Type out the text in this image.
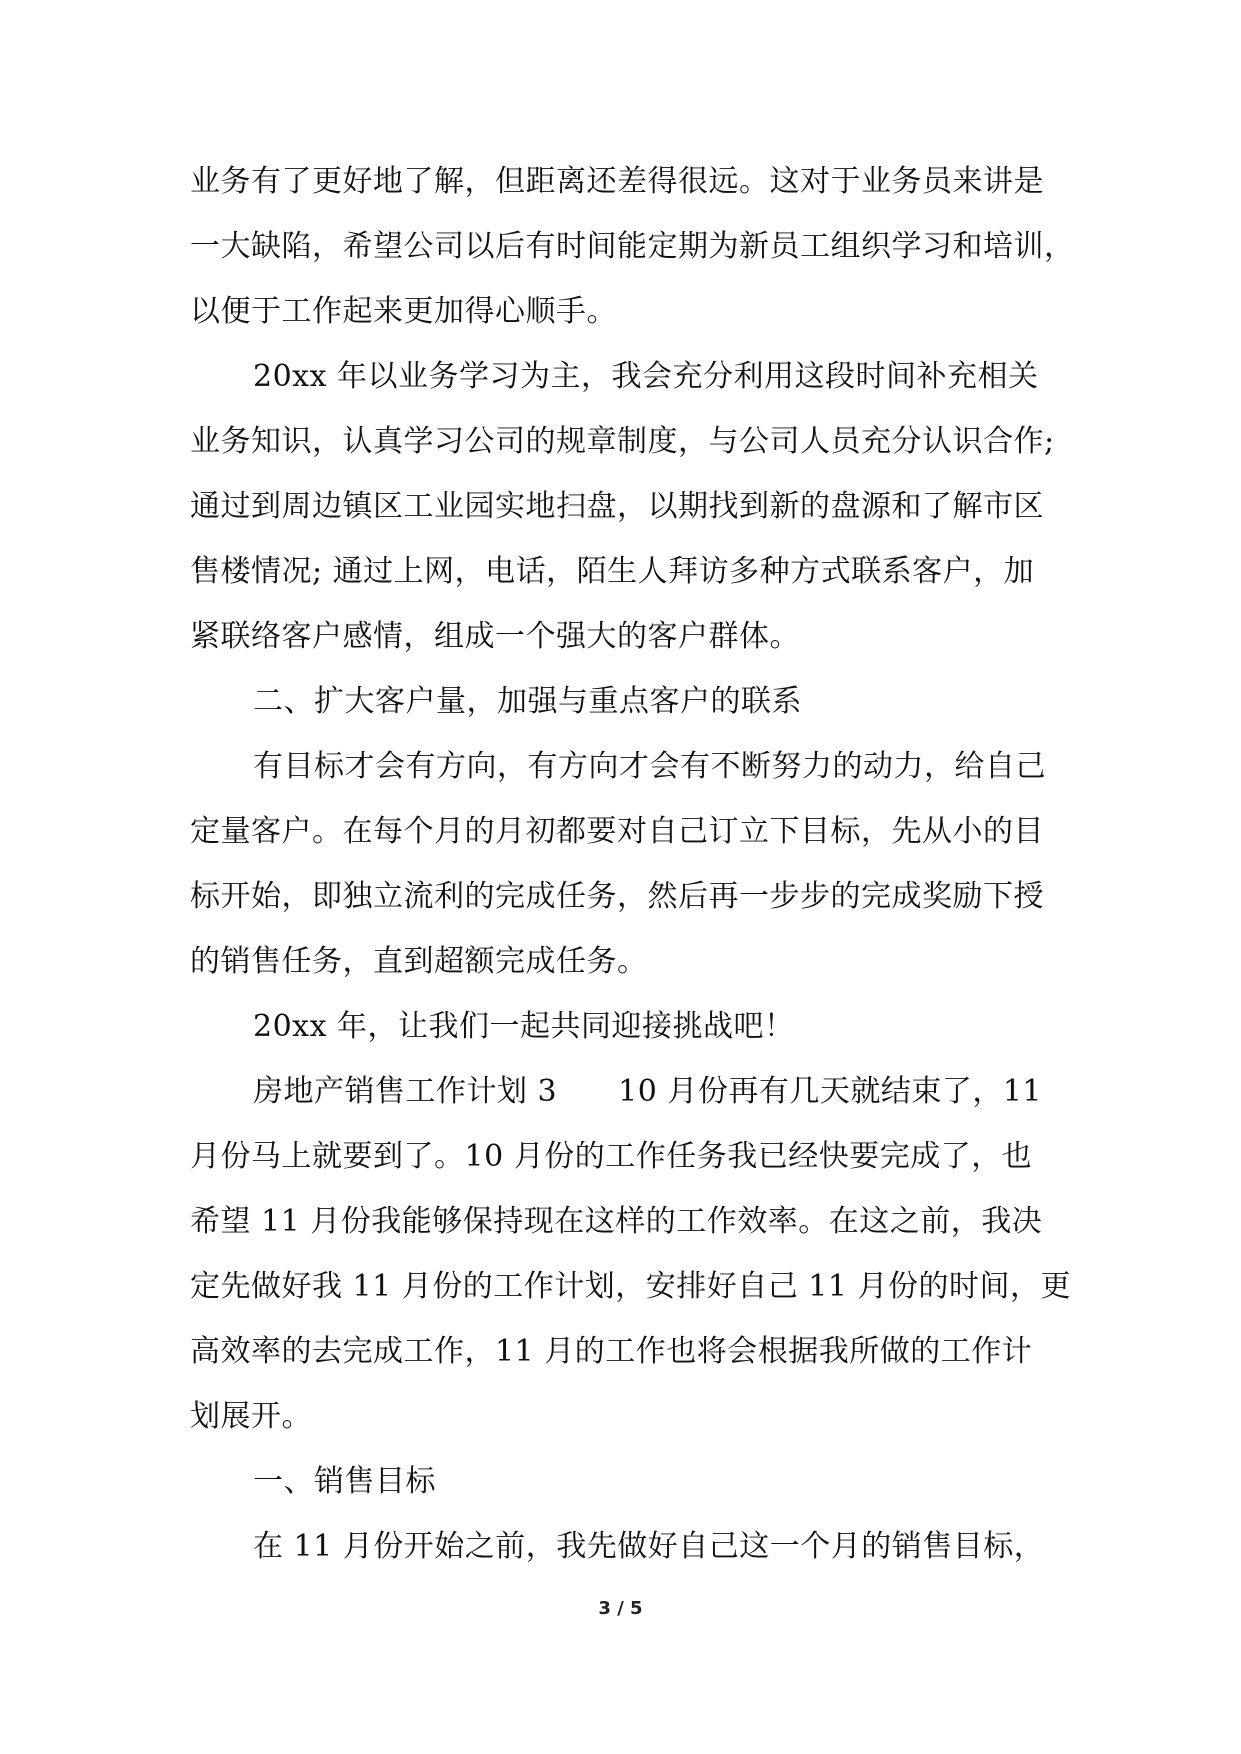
业务有了更好地了解，但距离还差得很远。这对于业务员来讲是
一大缺陷，希望公司以后有时间能定期为新员工组织学习和培训，
以便于工作起来更加得心顺手。
20xx 年以业务学习为主，我会充分利用这段时间补充相关
业务知识，认真学习公司的规章制度，与公司人员充分认识合作;
通过到周边镇区工业园实地扫盘，以期找到新的盘源和了解市区
售楼情况; 通过上网，电话，陌生人拜访多种方式联系客户，加
紧联络客户感情，组成一个强大的客户群体。
二、扩大客户量，加强与重点客户的联系
有目标才会有方向，有方向才会有不断努力的动力，给自己
定量客户。在每个月的月初都要对自己订立下目标，先从小的目
标开始，即独立流利的完成任务，然后再一步步的完成奖励下授
的销售任务，直到超额完成任务。
20xx 年，让我们一起共同迎接挑战吧！
房地产销售工作计划 3　　10 月份再有几天就结束了，11
月份马上就要到了。10 月份的工作任务我已经快要完成了，也
希望 11 月份我能够保持现在这样的工作效率。在这之前，我决
定先做好我 11 月份的工作计划，安排好自己 11 月份的时间，更
高效率的去完成工作，11 月的工作也将会根据我所做的工作计
划展开。
一、销售目标
在 11 月份开始之前，我先做好自己这一个月的销售目标，
3 / 5
